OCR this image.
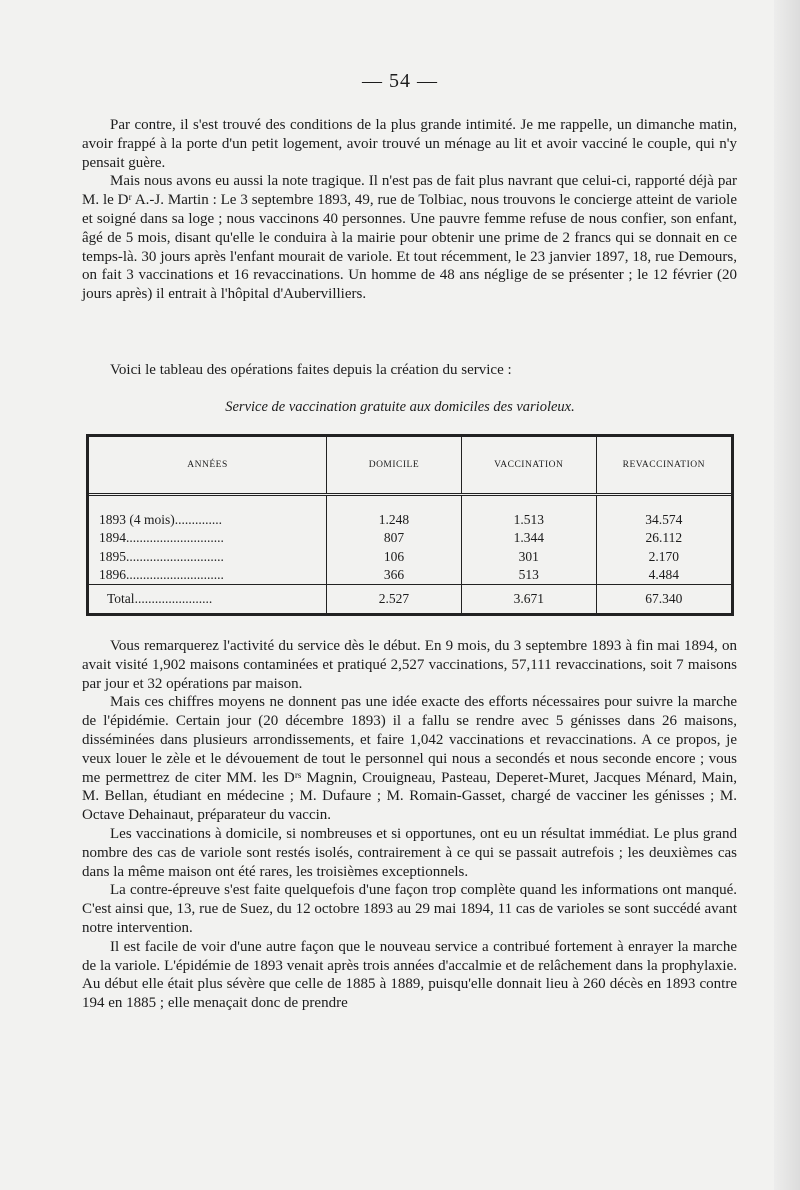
— 54 —

Par contre, il s'est trouvé des conditions de la plus grande intimité. Je me rappelle, un dimanche matin, avoir frappé à la porte d'un petit logement, avoir trouvé un ménage au lit et avoir vacciné le couple, qui n'y pensait guère.

Mais nous avons eu aussi la note tragique. Il n'est pas de fait plus navrant que celui-ci, rapporté déjà par M. le Dʳ A.-J. Martin : Le 3 septembre 1893, 49, rue de Tolbiac, nous trouvons le concierge atteint de variole et soigné dans sa loge ; nous vaccinons 40 personnes. Une pauvre femme refuse de nous confier, son enfant, âgé de 5 mois, disant qu'elle le conduira à la mairie pour obtenir une prime de 2 francs qui se donnait en ce temps-là. 30 jours après l'enfant mourait de variole. Et tout récemment, le 23 janvier 1897, 18, rue Demours, on fait 3 vaccinations et 16 revaccinations. Un homme de 48 ans néglige de se présenter ; le 12 février (20 jours après) il entrait à l'hôpital d'Aubervilliers.

Voici le tableau des opérations faites depuis la création du service :
Service de vaccination gratuite aux domiciles des varioleux.
ANNÉES	DOMICILE	VACCINATION	REVACCINATION

1893 (4 mois)..............	1.248	1.513	34.574
1894.............................	807	1.344	26.112
1895.............................	106	301	2.170
1896.............................	366	513	4.484
Total.......................	2.527	3.671	67.340

Vous remarquerez l'activité du service dès le début. En 9 mois, du 3 septembre 1893 à fin mai 1894, on avait visité 1,902 maisons contaminées et pratiqué 2,527 vaccinations, 57,111 revaccinations, soit 7 maisons par jour et 32 opérations par maison.

Mais ces chiffres moyens ne donnent pas une idée exacte des efforts nécessaires pour suivre la marche de l'épidémie. Certain jour (20 décembre 1893) il a fallu se rendre avec 5 génisses dans 26 maisons, disséminées dans plusieurs arrondissements, et faire 1,042 vaccinations et revaccinations. A ce propos, je veux louer le zèle et le dévouement de tout le personnel qui nous a secondés et nous seconde encore ; vous me permettrez de citer MM. les Dʳˢ Magnin, Crouigneau, Pasteau, Deperet-Muret, Jacques Ménard, Main, M. Bellan, étudiant en médecine ; M. Dufaure ; M. Romain-Gasset, chargé de vacciner les génisses ; M. Octave Dehainaut, préparateur du vaccin.

Les vaccinations à domicile, si nombreuses et si opportunes, ont eu un résultat immédiat. Le plus grand nombre des cas de variole sont restés isolés, contrairement à ce qui se passait autrefois ; les deuxièmes cas dans la même maison ont été rares, les troisièmes exceptionnels.

La contre-épreuve s'est faite quelquefois d'une façon trop complète quand les informations ont manqué. C'est ainsi que, 13, rue de Suez, du 12 octobre 1893 au 29 mai 1894, 11 cas de varioles se sont succédé avant notre intervention.

Il est facile de voir d'une autre façon que le nouveau service a contribué fortement à enrayer la marche de la variole. L'épidémie de 1893 venait après trois années d'accalmie et de relâchement dans la prophylaxie. Au début elle était plus sévère que celle de 1885 à 1889, puisqu'elle donnait lieu à 260 décès en 1893 contre 194 en 1885 ; elle menaçait donc de prendre
